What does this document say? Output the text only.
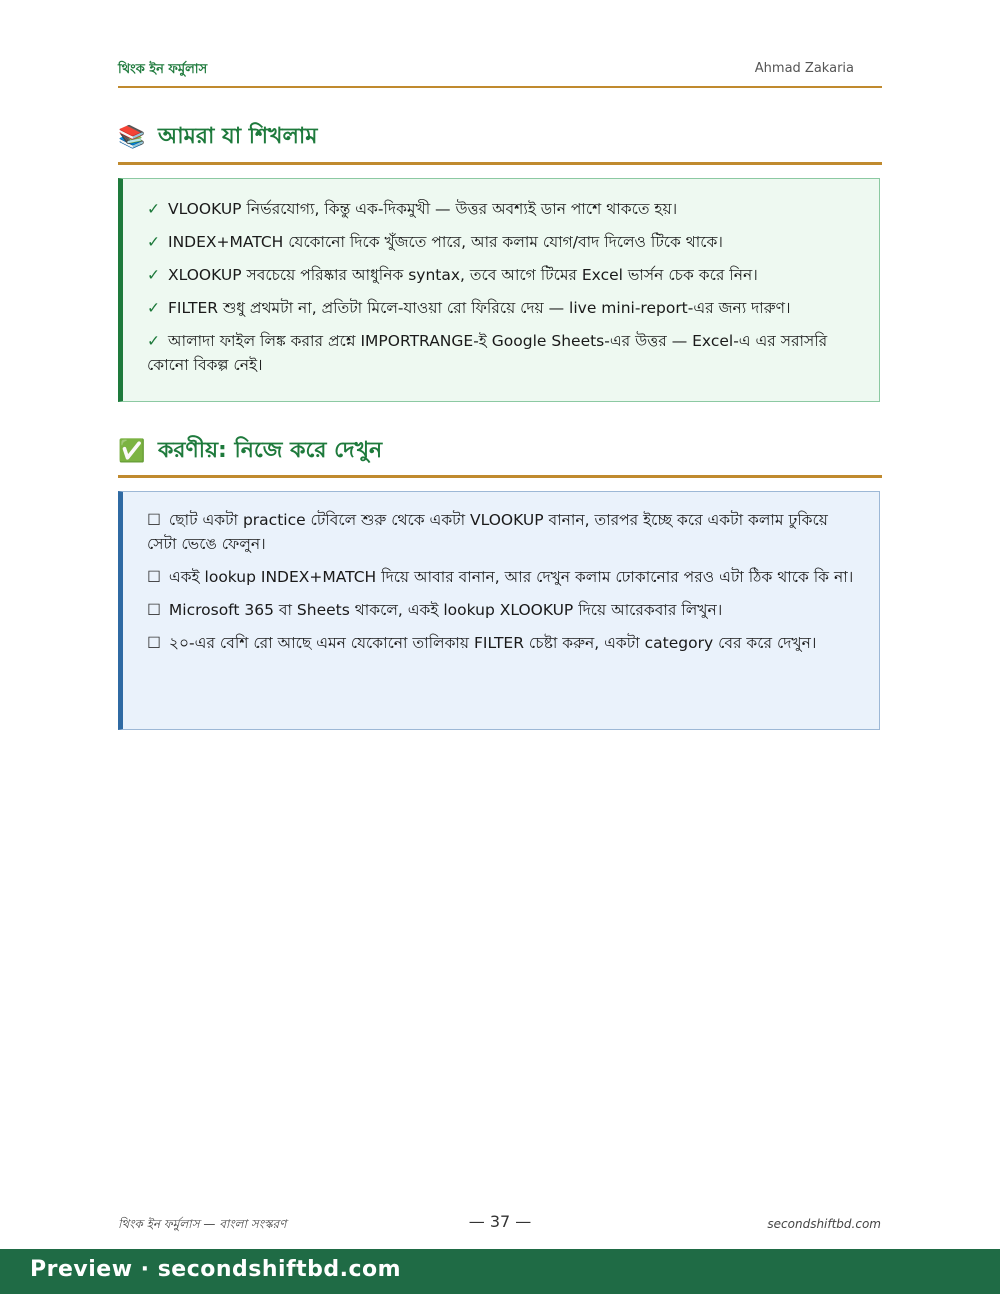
থিংক ইন ফর্মুলাস	Ahmad Zakaria
📚 আমরা যা শিখলাম
✓ VLOOKUP নির্ভরযোগ্য, কিন্তু এক-দিকমুখী — উত্তর অবশ্যই ডান পাশে থাকতে হয়।
✓ INDEX+MATCH যেকোনো দিকে খুঁজতে পারে, আর কলাম যোগ/বাদ দিলেও টিকে থাকে।
✓ XLOOKUP সবচেয়ে পরিষ্কার আধুনিক syntax, তবে আগে টিমের Excel ভার্সন চেক করে নিন।
✓ FILTER শুধু প্রথমটা না, প্রতিটা মিলে-যাওয়া রো ফিরিয়ে দেয় — live mini-report-এর জন্য দারুণ।
✓ আলাদা ফাইল লিঙ্ক করার প্রশ্নে IMPORTRANGE-ই Google Sheets-এর উত্তর — Excel-এ এর সরাসরি কোনো বিকল্প নেই।
✅ করণীয়: নিজে করে দেখুন
☐ ছোট একটা practice টেবিলে শুরু থেকে একটা VLOOKUP বানান, তারপর ইচ্ছে করে একটা কলাম ঢুকিয়ে সেটা ভেঙে ফেলুন।
☐ একই lookup INDEX+MATCH দিয়ে আবার বানান, আর দেখুন কলাম ঢোকানোর পরও এটা ঠিক থাকে কি না।
☐ Microsoft 365 বা Sheets থাকলে, একই lookup XLOOKUP দিয়ে আরেকবার লিখুন।
☐ ২০-এর বেশি রো আছে এমন যেকোনো তালিকায় FILTER চেষ্টা করুন, একটা category বের করে দেখুন।
থিংক ইন ফর্মুলাস — বাংলা সংস্করণ	— 37 —	secondshiftbd.com
Preview · secondshiftbd.com
